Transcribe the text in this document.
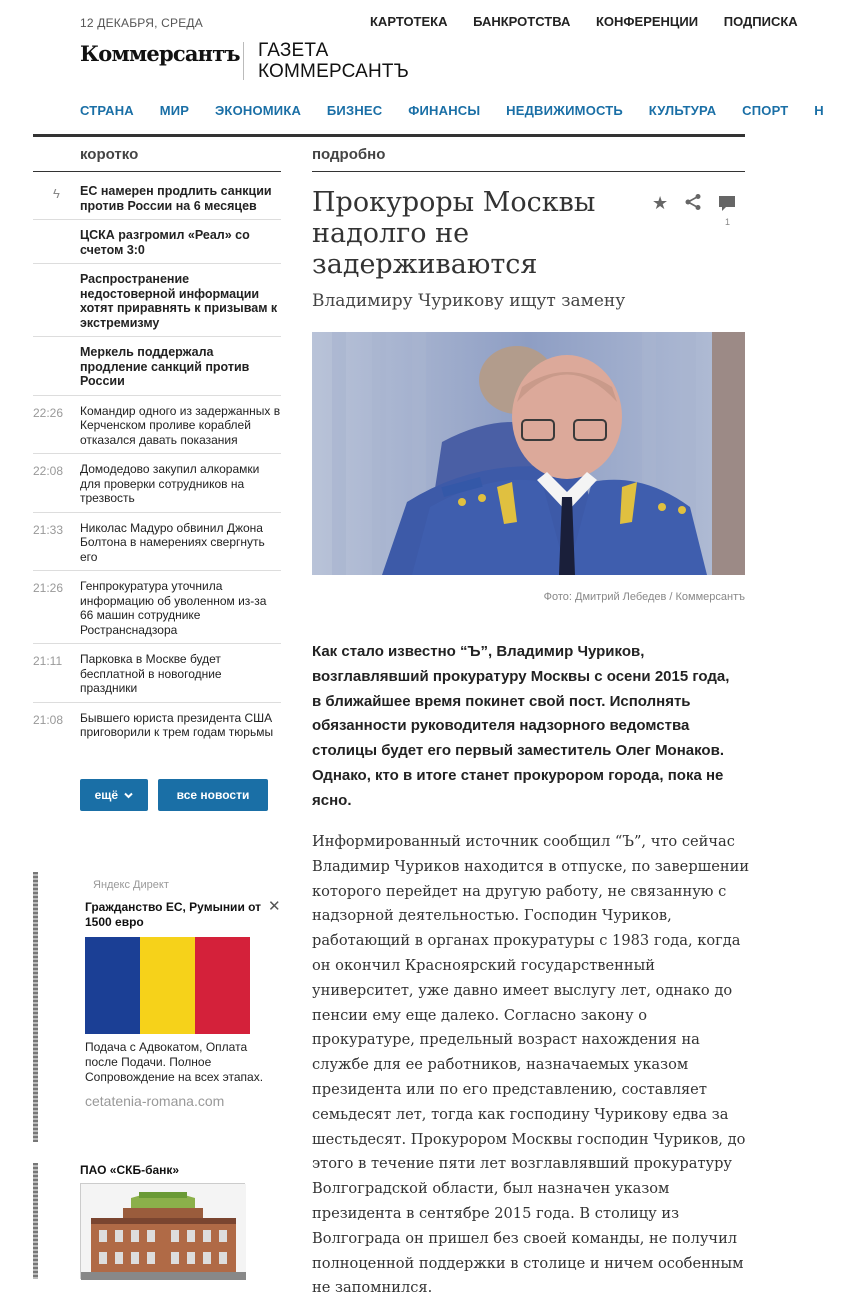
12 ДЕКАБРЯ, СРЕДА	КАРТОТЕКА БАНКРОТСТВА КОНФЕРЕНЦИИ ПОДПИСКА
Коммерсантъ ГАЗЕТА
КОММЕРСАНТЪ
СТРАНА МИР ЭКОНОМИКА БИЗНЕС ФИНАНСЫ НЕДВИЖИМОСТЬ КУЛЬТУРА СПОРТ Н
коротко	подробно
ϟ ЕС намерен продлить санкции против России на 6 месяцев
ЦСКА разгромил «Реал» со счетом 3:0
Распространение недостоверной информации хотят приравнять к призывам к экстремизму
Меркель поддержала продление санкций против России
22:26 Командир одного из задержанных в Керченском проливе кораблей отказался давать показания
22:08 Домодедово закупил алкорамки для проверки сотрудников на трезвость
21:33 Николас Мадуро обвинил Джона Болтона в намерениях свергнуть его
21:26 Генпрокуратура уточнила информацию об уволенном из-за 66 машин сотруднике Ространснадзора
21:11 Парковка в Москве будет бесплатной в новогодние праздники
21:08 Бывшего юриста президента США приговорили к трем годам тюрьмы
ещё	все новости
Яндекс Директ
Гражданство ЕС, Румынии от 1500 евро
✕
Подача с Адвокатом, Оплата после Подачи. Полное Сопровождение на всех этапах.
cetatenia-romana.com
ПАО «СКБ-банк»
Прокуроры Москвы надолго не задерживаются
★
1
Владимиру Чурикову ищут замену
Фото: Дмитрий Лебедев / Коммерсантъ
Как стало известно “Ъ”, Владимир Чуриков, возглавлявший прокуратуру Москвы с осени 2015 года, в ближайшее время покинет свой пост. Исполнять обязанности руководителя надзорного ведомства столицы будет его первый заместитель Олег Монаков. Однако, кто в итоге станет прокурором города, пока не ясно.
Информированный источник сообщил “Ъ”, что сейчас Владимир Чуриков находится в отпуске, по завершении которого перейдет на другую работу, не связанную с надзорной деятельностью. Господин Чуриков, работающий в органах прокуратуры с 1983 года, когда он окончил Красноярский государственный университет, уже давно имеет выслугу лет, однако до пенсии ему еще далеко. Согласно закону о прокуратуре, предельный возраст нахождения на службе для ее работников, назначаемых указом президента или по его представлению, составляет семьдесят лет, тогда как господину Чурикову едва за шестьдесят. Прокурором Москвы господин Чуриков, до этого в течение пяти лет возглавлявший прокуратуру Волгоградской области, был назначен указом президента в сентябре 2015 года. В столицу из Волгограда он пришел без своей команды, не получил полноценной поддержки в столице и ничем особенным не запомнился.
